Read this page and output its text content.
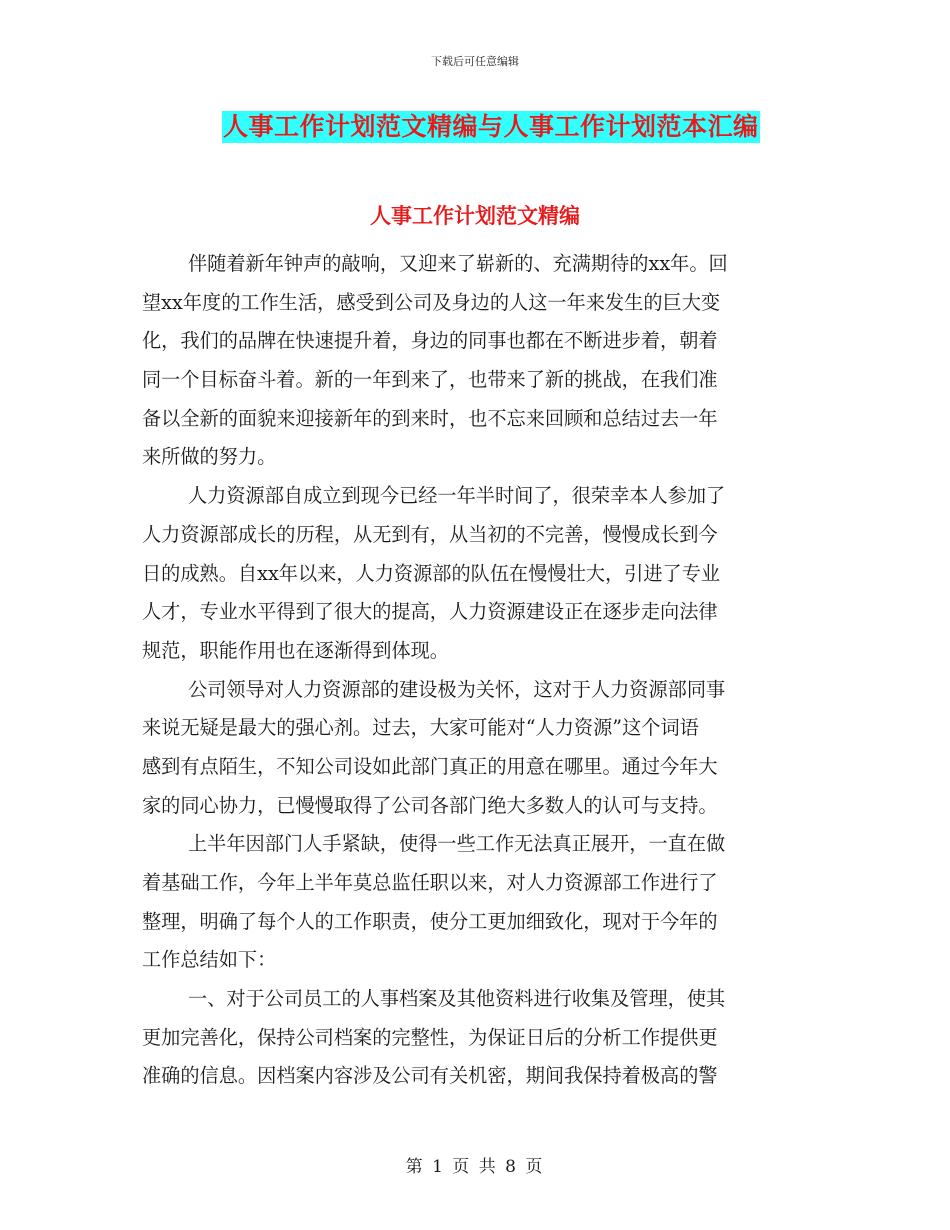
下载后可任意编辑
人事工作计划范文精编与人事工作计划范本汇编
人事工作计划范文精编
伴随着新年钟声的敲响，又迎来了崭新的、充满期待的xx年。回
望xx年度的工作生活，感受到公司及身边的人这一年来发生的巨大变
化，我们的品牌在快速提升着，身边的同事也都在不断进步着，朝着
同一个目标奋斗着。新的一年到来了，也带来了新的挑战，在我们准
备以全新的面貌来迎接新年的到来时，也不忘来回顾和总结过去一年
来所做的努力。
人力资源部自成立到现今已经一年半时间了，很荣幸本人参加了
人力资源部成长的历程，从无到有，从当初的不完善，慢慢成长到今
日的成熟。自xx年以来，人力资源部的队伍在慢慢壮大，引进了专业
人才，专业水平得到了很大的提高，人力资源建设正在逐步走向法律
规范，职能作用也在逐渐得到体现。
公司领导对人力资源部的建设极为关怀，这对于人力资源部同事
来说无疑是最大的强心剂。过去，大家可能对“人力资源”这个词语
感到有点陌生，不知公司设如此部门真正的用意在哪里。通过今年大
家的同心协力，已慢慢取得了公司各部门绝大多数人的认可与支持。
上半年因部门人手紧缺，使得一些工作无法真正展开，一直在做
着基础工作，今年上半年莫总监任职以来，对人力资源部工作进行了
整理，明确了每个人的工作职责，使分工更加细致化，现对于今年的
工作总结如下：
一、对于公司员工的人事档案及其他资料进行收集及管理，使其
更加完善化，保持公司档案的完整性，为保证日后的分析工作提供更
准确的信息。因档案内容涉及公司有关机密，期间我保持着极高的警
第 1 页 共 8 页
